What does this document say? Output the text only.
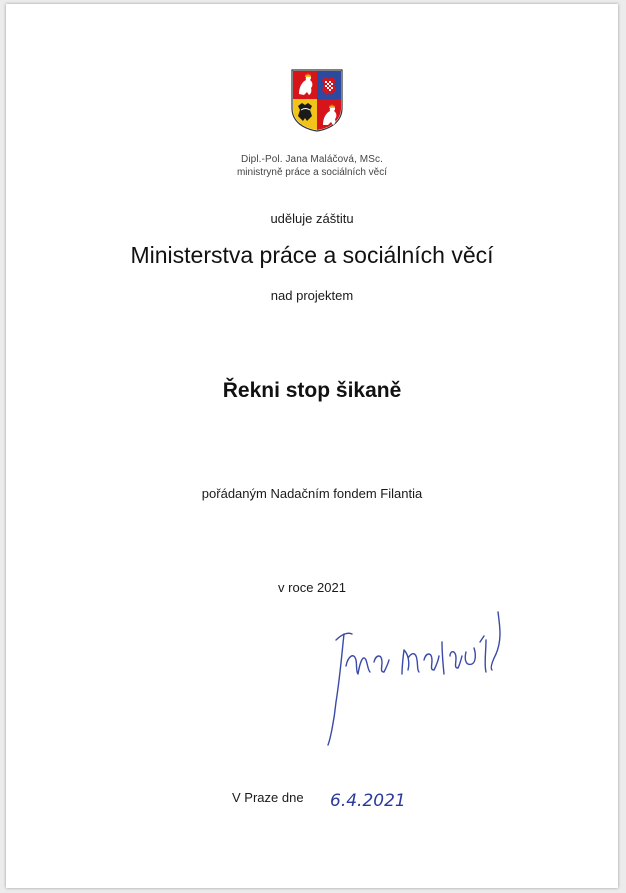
Dipl.-Pol. Jana Maláčová, MSc.
ministryně práce a sociálních věcí
uděluje záštitu
Ministerstva práce a sociálních věcí
nad projektem
Řekni stop šikaně
pořádaným Nadačním fondem Filantia
v roce 2021
V Praze dne 6.4.2021
